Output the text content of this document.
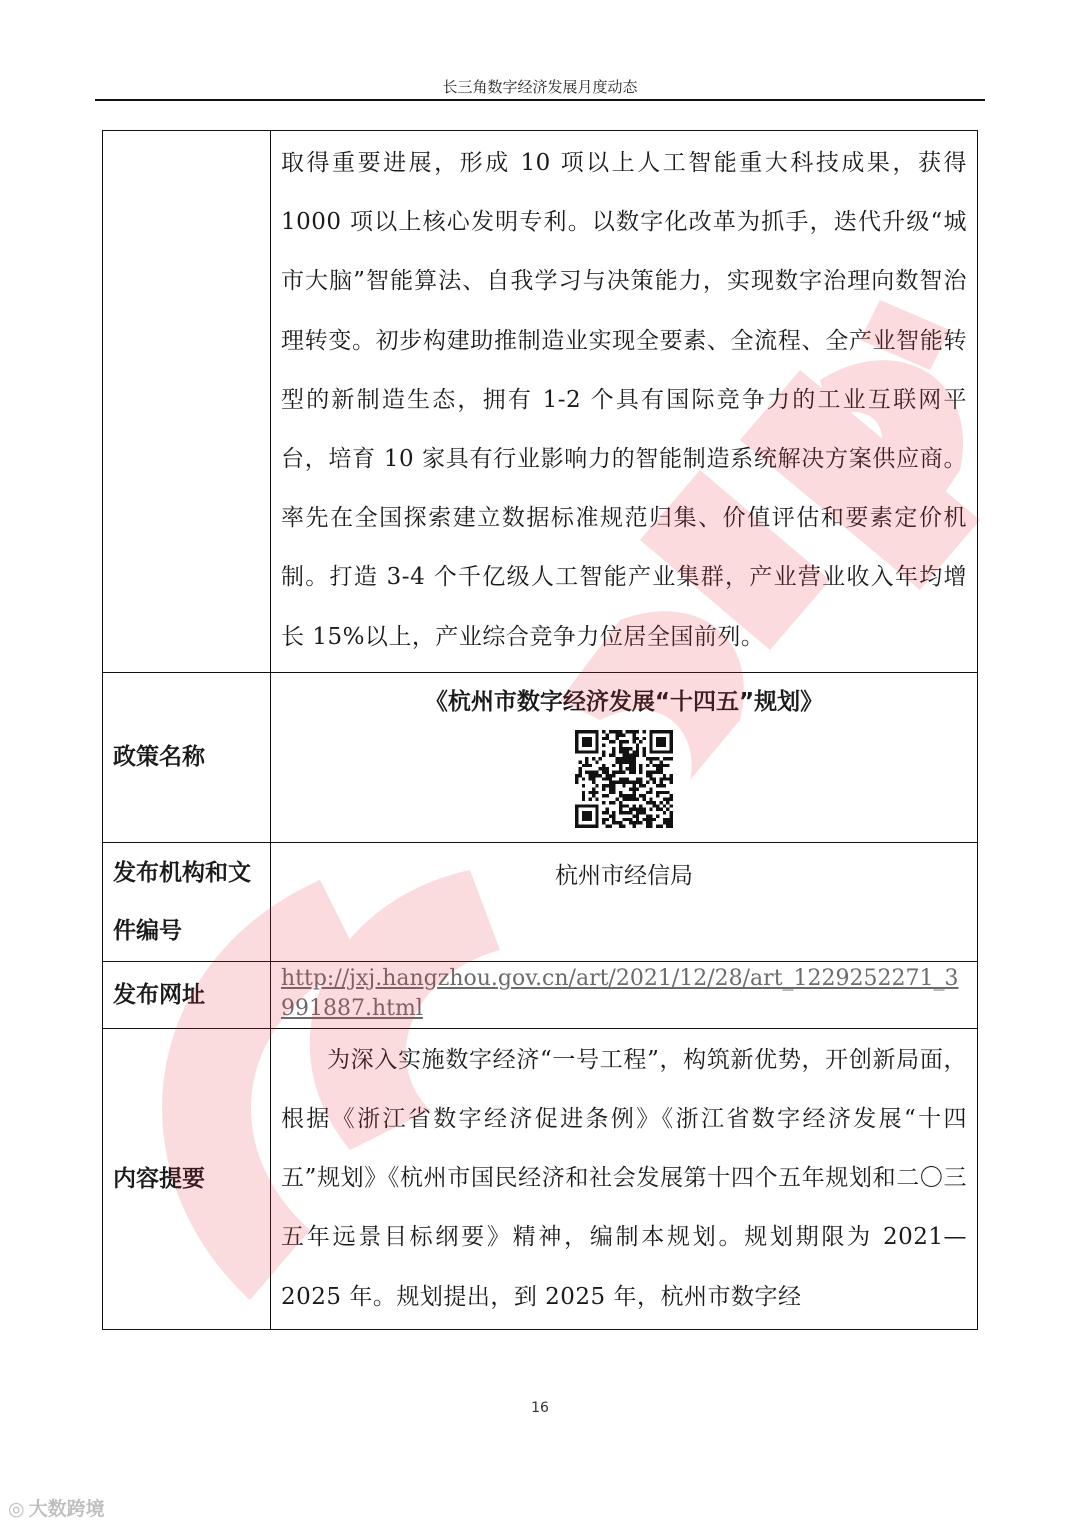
长三角数字经济发展月度动态

	取得重要进展，形成 10 项以上人工智能重大科技成果，获得 1000 项以上核心发明专利。以数字化改革为抓手，迭代升级“城市大脑”智能算法、自我学习与决策能力，实现数字治理向数智治理转变。初步构建助推制造业实现全要素、全流程、全产业智能转型的新制造生态，拥有 1-2 个具有国际竞争力的工业互联网平台，培育 10 家具有行业影响力的智能制造系统解决方案供应商。率先在全国探索建立数据标准规范归集、价值评估和要素定价机制。打造 3-4 个千亿级人工智能产业集群，产业营业收入年均增长 15%以上，产业综合竞争力位居全国前列。

政策名称	《杭州市数字经济发展“十四五”规划》

发布机构和文件编号	杭州市经信局

发布网址	http://jxj.hangzhou.gov.cn/art/2021/12/28/art_1229252271_3991887.html

内容提要	为深入实施数字经济“一号工程”，构筑新优势，开创新局面，根据《浙江省数字经济促进条例》《浙江省数字经济发展“十四五”规划》《杭州市国民经济和社会发展第十四个五年规划和二〇三五年远景目标纲要》精神，编制本规划。规划期限为 2021—2025 年。规划提出，到 2025 年，杭州市数字经

16
◎ 大数跨境
